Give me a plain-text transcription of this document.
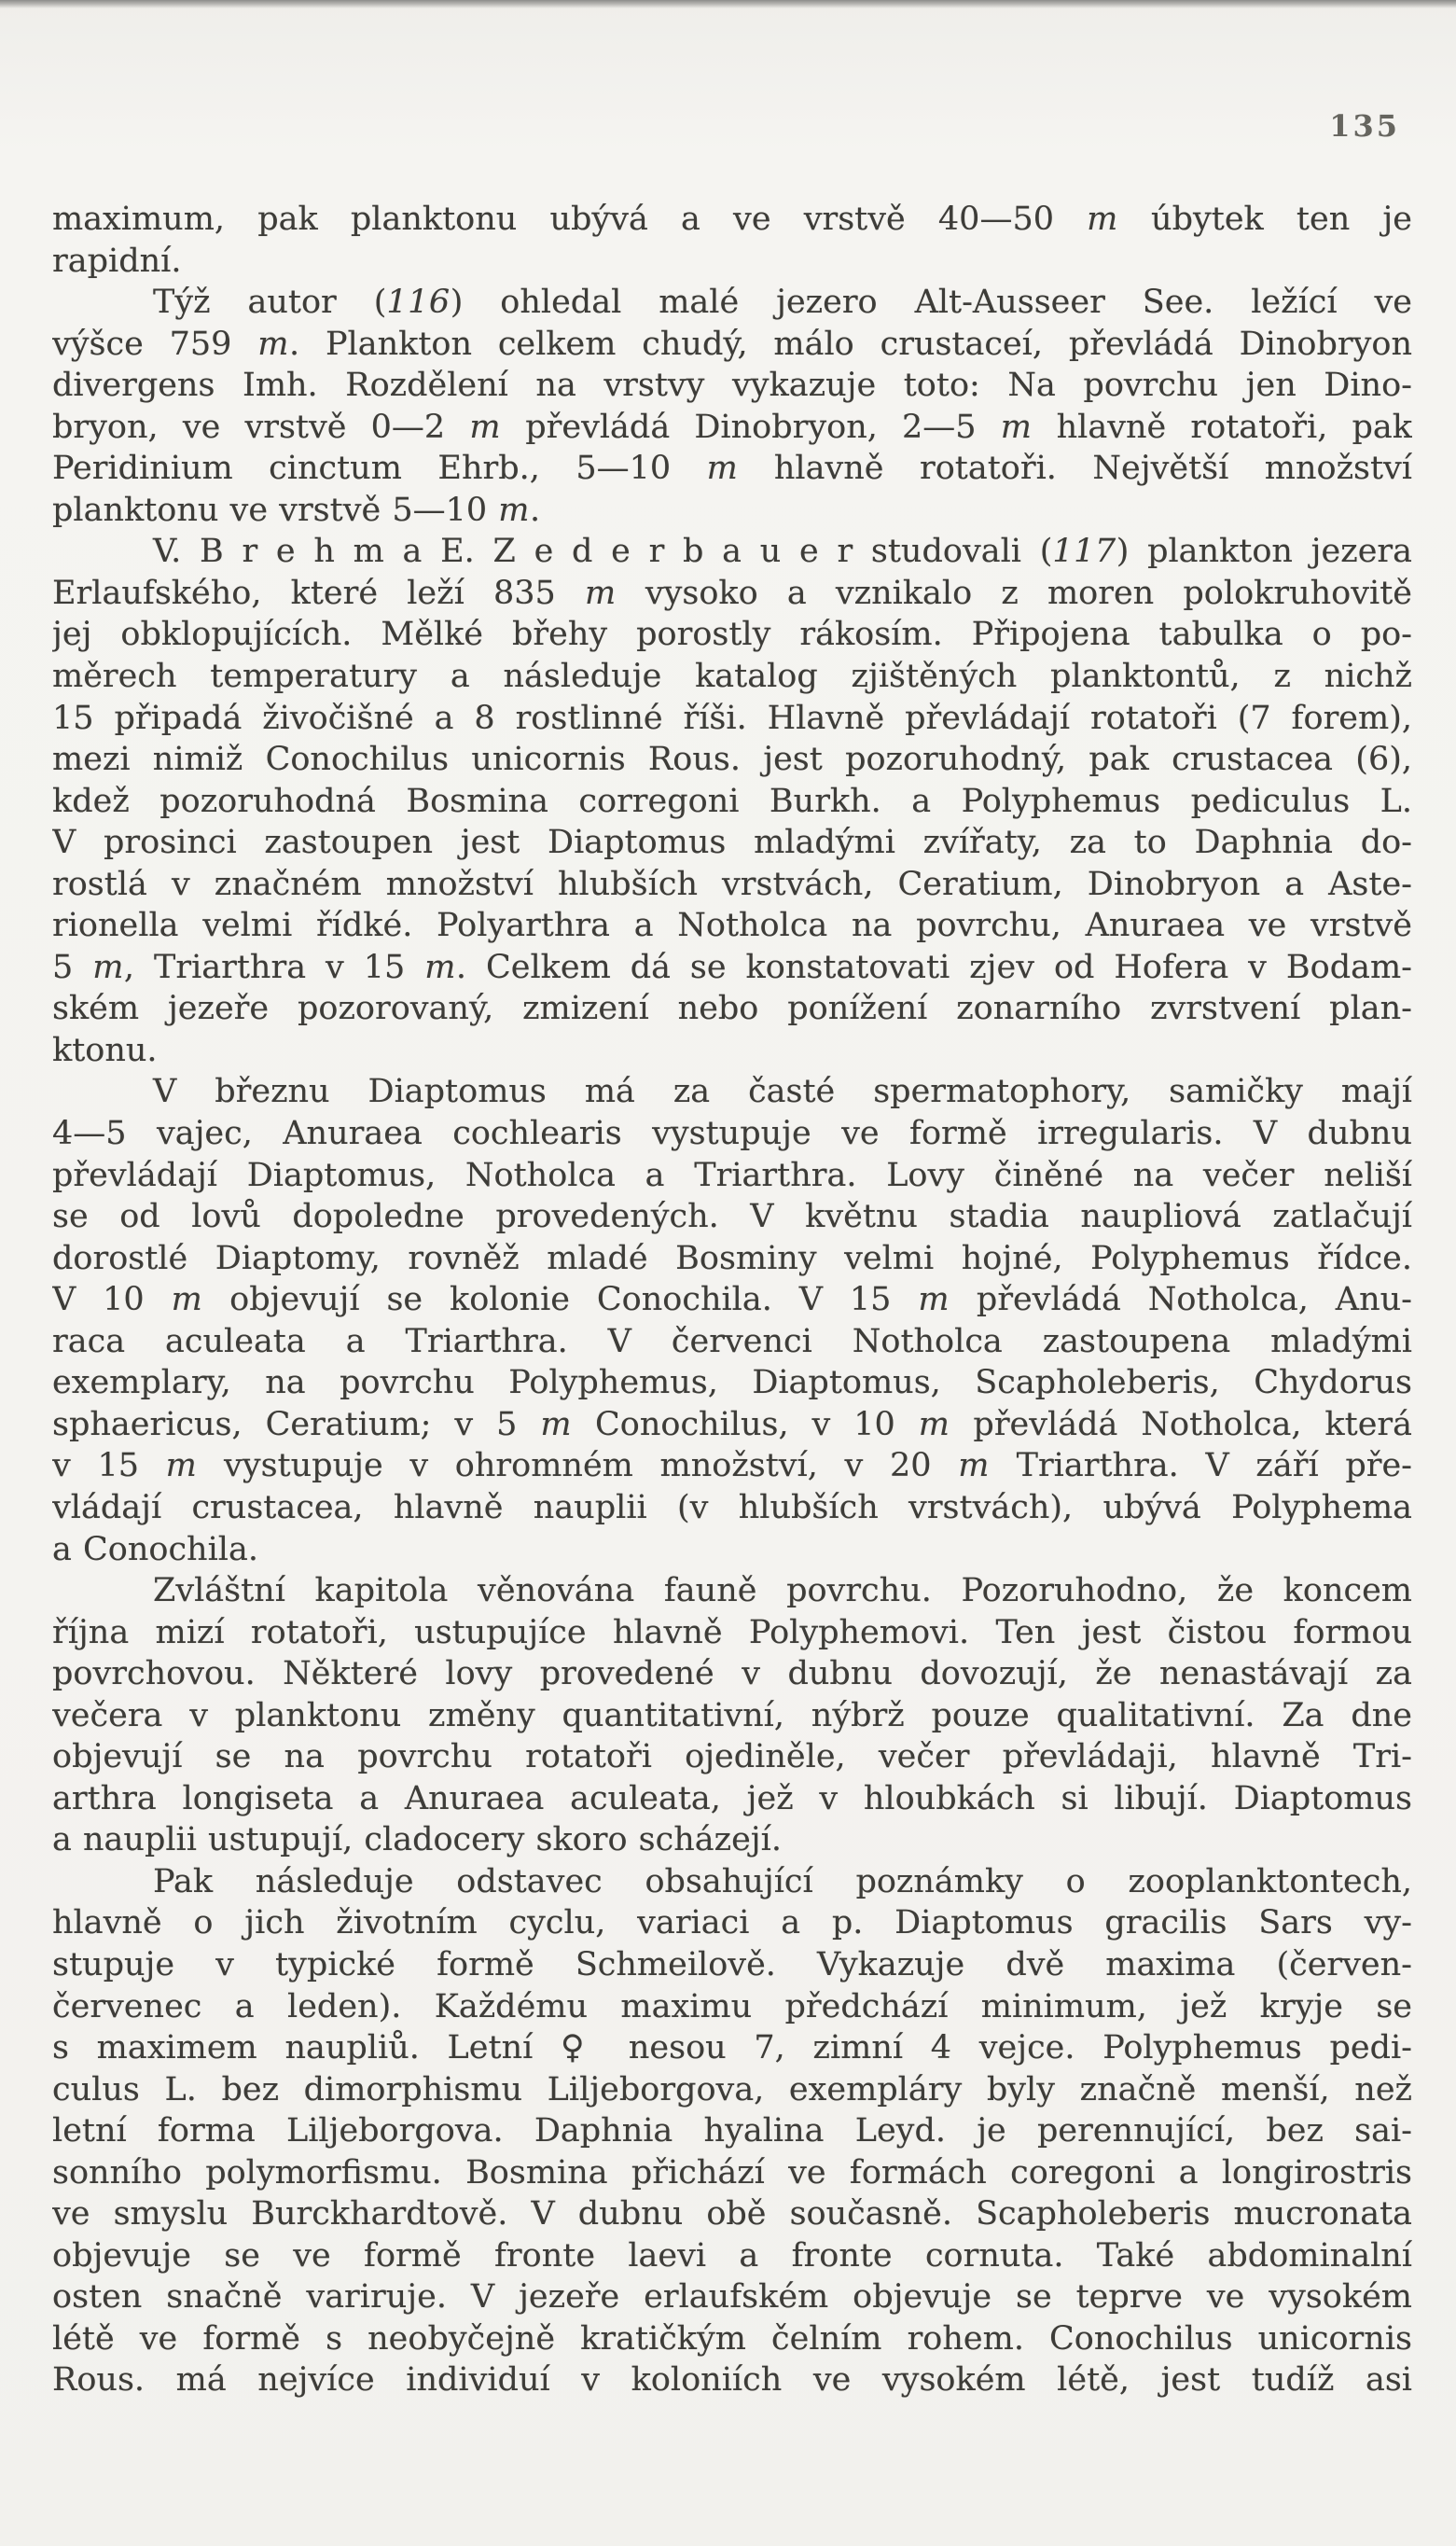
135
maximum, pak planktonu ubývá a ve vrstvě 40—50 m úbytek ten je
rapidní.
Týž autor (116) ohledal malé jezero Alt-Ausseer See. ležící ve
výšce 759 m. Plankton celkem chudý, málo crustaceí, převládá Dinobryon
divergens Imh. Rozdělení na vrstvy vykazuje toto: Na povrchu jen Dino-
bryon, ve vrstvě 0—2 m převládá Dinobryon, 2—5 m hlavně rotatoři, pak
Peridinium cinctum Ehrb., 5—10 m hlavně rotatoři. Největší množství
planktonu ve vrstvě 5—10 m.
V. B r e h m a E. Z e d e r b a u e r studovali (117) plankton jezera
Erlaufského, které leží 835 m vysoko a vznikalo z moren polokruhovitě
jej obklopujících. Mělké břehy porostly rákosím. Připojena tabulka o po-
měrech temperatury a následuje katalog zjištěných planktontů, z nichž
15 připadá živočišné a 8 rostlinné říši. Hlavně převládají rotatoři (7 forem),
mezi nimiž Conochilus unicornis Rous. jest pozoruhodný, pak crustacea (6),
kdež pozoruhodná Bosmina corregoni Burkh. a Polyphemus pediculus L.
V prosinci zastoupen jest Diaptomus mladými zvířaty, za to Daphnia do-
rostlá v značném množství hlubších vrstvách, Ceratium, Dinobryon a Aste-
rionella velmi řídké. Polyarthra a Notholca na povrchu, Anuraea ve vrstvě
5 m, Triarthra v 15 m. Celkem dá se konstatovati zjev od Hofera v Bodam-
ském jezeře pozorovaný, zmizení nebo ponížení zonarního zvrstvení plan-
ktonu.
V březnu Diaptomus má za časté spermatophory, samičky mají
4—5 vajec, Anuraea cochlearis vystupuje ve formě irregularis. V dubnu
převládají Diaptomus, Notholca a Triarthra. Lovy činěné na večer neliší
se od lovů dopoledne provedených. V květnu stadia naupliová zatlačují
dorostlé Diaptomy, rovněž mladé Bosminy velmi hojné, Polyphemus řídce.
V 10 m objevují se kolonie Conochila. V 15 m převládá Notholca, Anu-
raca aculeata a Triarthra. V červenci Notholca zastoupena mladými
exemplary, na povrchu Polyphemus, Diaptomus, Scapholeberis, Chydorus
sphaericus, Ceratium; v 5 m Conochilus, v 10 m převládá Notholca, která
v 15 m vystupuje v ohromném množství, v 20 m Triarthra. V září pře-
vládají crustacea, hlavně nauplii (v hlubších vrstvách), ubývá Polyphema
a Conochila.
Zvláštní kapitola věnována fauně povrchu. Pozoruhodno, že koncem
října mizí rotatoři, ustupujíce hlavně Polyphemovi. Ten jest čistou formou
povrchovou. Některé lovy provedené v dubnu dovozují, že nenastávají za
večera v planktonu změny quantitativní, nýbrž pouze qualitativní. Za dne
objevují se na povrchu rotatoři ojediněle, večer převládaji, hlavně Tri-
arthra longiseta a Anuraea aculeata, jež v hloubkách si libují. Diaptomus
a nauplii ustupují, cladocery skoro scházejí.
Pak následuje odstavec obsahující poznámky o zooplanktontech,
hlavně o jich životním cyclu, variaci a p. Diaptomus gracilis Sars vy-
stupuje v typické formě Schmeilově. Vykazuje dvě maxima (červen-
červenec a leden). Každému maximu předchází minimum, jež kryje se
s maximem naupliů. Letní ♀ nesou 7, zimní 4 vejce. Polyphemus pedi-
culus L. bez dimorphismu Liljeborgova, exempláry byly značně menší, než
letní forma Liljeborgova. Daphnia hyalina Leyd. je perennující, bez sai-
sonního polymorfismu. Bosmina přichází ve formách coregoni a longirostris
ve smyslu Burckhardtově. V dubnu obě současně. Scapholeberis mucronata
objevuje se ve formě fronte laevi a fronte cornuta. Také abdominalní
osten snačně variruje. V jezeře erlaufském objevuje se teprve ve vysokém
létě ve formě s neobyčejně kratičkým čelním rohem. Conochilus unicornis
Rous. má nejvíce individuí v koloniích ve vysokém létě, jest tudíž asi
